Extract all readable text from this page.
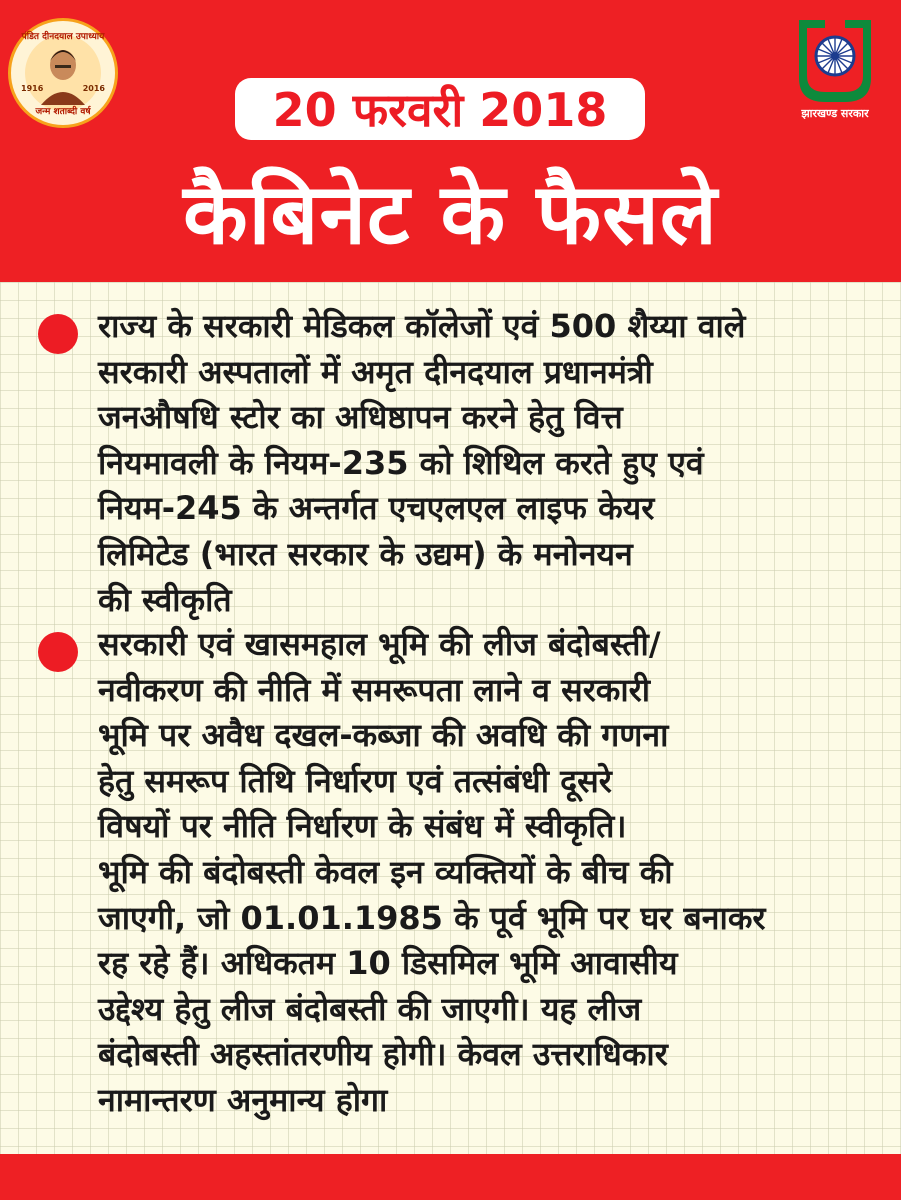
पंडित दीनदयाल उपाध्याय
1916	2016
जन्म शताब्दी वर्ष	झारखण्ड सरकार
20 फरवरी 2018
कैबिनेट के फैसले
राज्य के सरकारी मेडिकल कॉलेजों एवं 500 शैय्या वाले
सरकारी अस्पतालों में अमृत दीनदयाल प्रधानमंत्री
जनऔषधि स्टोर का अधिष्ठापन करने हेतु वित्त
नियमावली के नियम-235 को शिथिल करते हुए एवं
नियम-245 के अन्तर्गत एचएलएल लाइफ केयर
लिमिटेड (भारत सरकार के उद्यम) के मनोनयन
की स्वीकृति
सरकारी एवं खासमहाल भूमि की लीज बंदोबस्ती/
नवीकरण की नीति में समरूपता लाने व सरकारी
भूमि पर अवैध दखल-कब्जा की अवधि की गणना
हेतु समरूप तिथि निर्धारण एवं तत्संबंधी दूसरे
विषयों पर नीति निर्धारण के संबंध में स्वीकृति।
भूमि की बंदोबस्ती केवल इन व्यक्तियों के बीच की
जाएगी, जो 01.01.1985 के पूर्व भूमि पर घर बनाकर
रह रहे हैं। अधिकतम 10 डिसमिल भूमि आवासीय
उद्देश्य हेतु लीज बंदोबस्ती की जाएगी। यह लीज
बंदोबस्ती अहस्तांतरणीय होगी। केवल उत्तराधिकार
नामान्तरण अनुमान्य होगा
